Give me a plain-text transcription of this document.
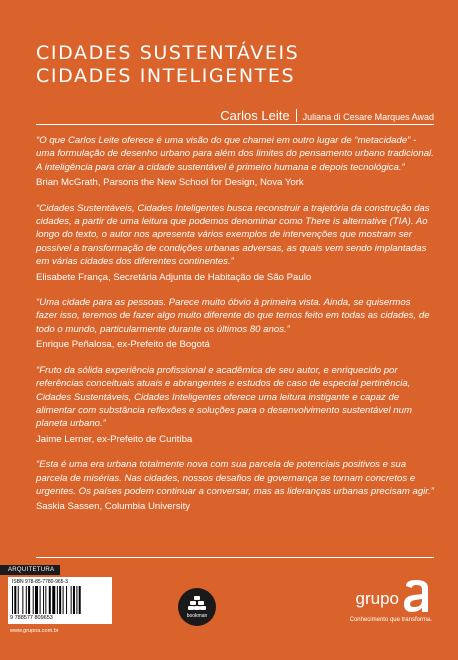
CIDADES SUSTENTÁVEIS
CIDADES INTELIGENTES
Carlos Leite Juliana di Cesare Marques Awad

“O que Carlos Leite oferece é uma visão do que chamei em outro lugar de “metacidade” - uma formulação de desenho urbano para além dos limites do pensamento urbano tradicional. A inteligência para criar a cidade sustentável é primeiro humana e depois tecnológica.”

Brian McGrath, Parsons the New School for Design, Nova York

“Cidades Sustentáveis, Cidades Inteligentes busca reconstruir a trajetória da construção das cidades, a partir de uma leitura que podemos denominar como There is alternative (TIA). Ao longo do texto, o autor nos apresenta vários exemplos de intervenções que mostram ser possível a transformação de condições urbanas adversas, as quais vem sendo implantadas em várias cidades dos diferentes continentes.”

Elisabete França, Secretária Adjunta de Habitação de São Paulo

“Uma cidade para as pessoas. Parece muito óbvio à primeira vista. Ainda, se quisermos fazer isso, teremos de fazer algo muito diferente do que temos feito em todas as cidades, de todo o mundo, particularmente durante os últimos 80 anos.”

Enrique Peñalosa, ex-Prefeito de Bogotá

“Fruto da sólida experiência profissional e acadêmica de seu autor, e enriquecido por referências conceituais atuais e abrangentes e estudos de caso de especial pertinência, Cidades Sustentáveis, Cidades Inteligentes oferece uma leitura instigante e capaz de alimentar com substância reflexões e soluções para o desenvolvimento sustentável num planeta urbano.”

Jaime Lerner, ex-Prefeito de Curitiba

“Esta é uma era urbana totalmente nova com sua parcela de potenciais positivos e sua parcela de misérias. Nas cidades, nossos desafios de governança se tornam concretos e urgentes. Os países podem continuar a conversar, mas as lideranças urbanas precisam agir.”

Saskia Sassen, Columbia University

ARQUITETURA
ISBN 978-85-7780-965-3
9 788577 809653
www.grupoa.com.br
bookman
grupo
Conhecimento que transforma.
